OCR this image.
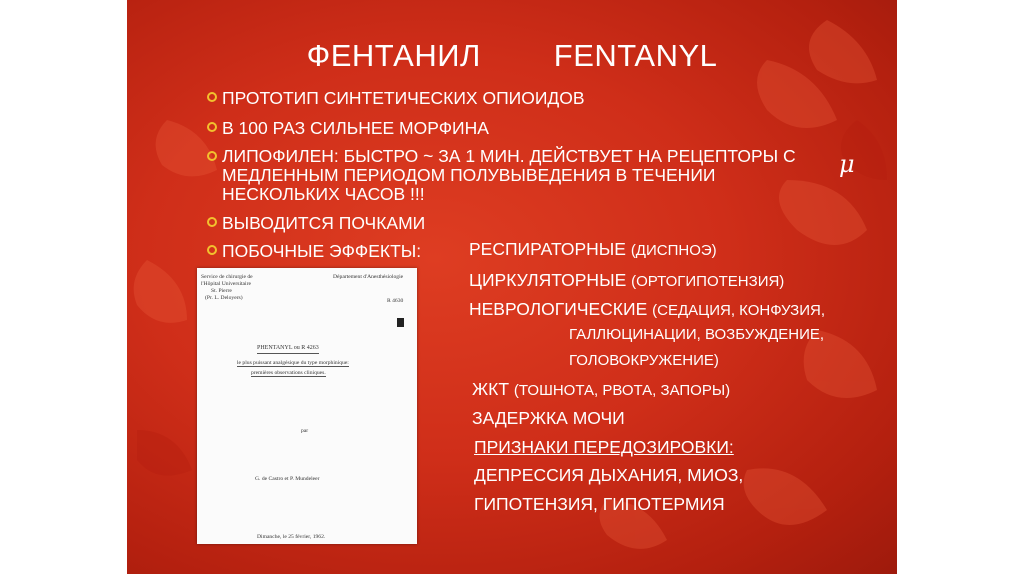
ФЕНТАНИЛ        FENTANYL
ПРОТОТИП СИНТЕТИЧЕСКИХ ОПИОИДОВ
В 100 РАЗ СИЛЬНЕЕ МОРФИНА
ЛИПОФИЛЕН: БЫСТРО ~ ЗА 1 МИН. ДЕЙСТВУЕТ НА РЕЦЕПТОРЫ С МЕДЛЕННЫМ ПЕРИОДОМ ПОЛУВЫВЕДЕНИЯ В ТЕЧЕНИИ НЕСКОЛЬКИХ ЧАСОВ !!!
μ
ВЫВОДИТСЯ ПОЧКАМИ
ПОБОЧНЫЕ ЭФФЕКТЫ:	РЕСПИРАТОРНЫЕ (ДИСПНОЭ)
ЦИРКУЛЯТОРНЫЕ (ОРТОГИПОТЕНЗИЯ)
НЕВРОЛОГИЧЕСКИЕ (СЕДАЦИЯ, КОНФУЗИЯ,
ГАЛЛЮЦИНАЦИИ, ВОЗБУЖДЕНИЕ,
ГОЛОВОКРУЖЕНИЕ)
ЖКТ (ТОШНОТА, РВОТА, ЗАПОРЫ)
ЗАДЕРЖКА МОЧИ
ПРИЗНАКИ ПЕРЕДОЗИРОВКИ:
ДЕПРЕССИЯ ДЫХАНИЯ, МИОЗ,
ГИПОТЕНЗИЯ, ГИПОТЕРМИЯ
Service de chirurgie de
l'Hôpital Universitaire
St. Pierre
(Pr. L. Deloyers)
Département d'Anesthésiologie
R 4630
PHENTANYL ou R 4263
le plus puissant analgésique du type morphinique:
premières observations cliniques.
par
G. de Castro et P. Mundeleer
Dimanche, le 25 février, 1962.
